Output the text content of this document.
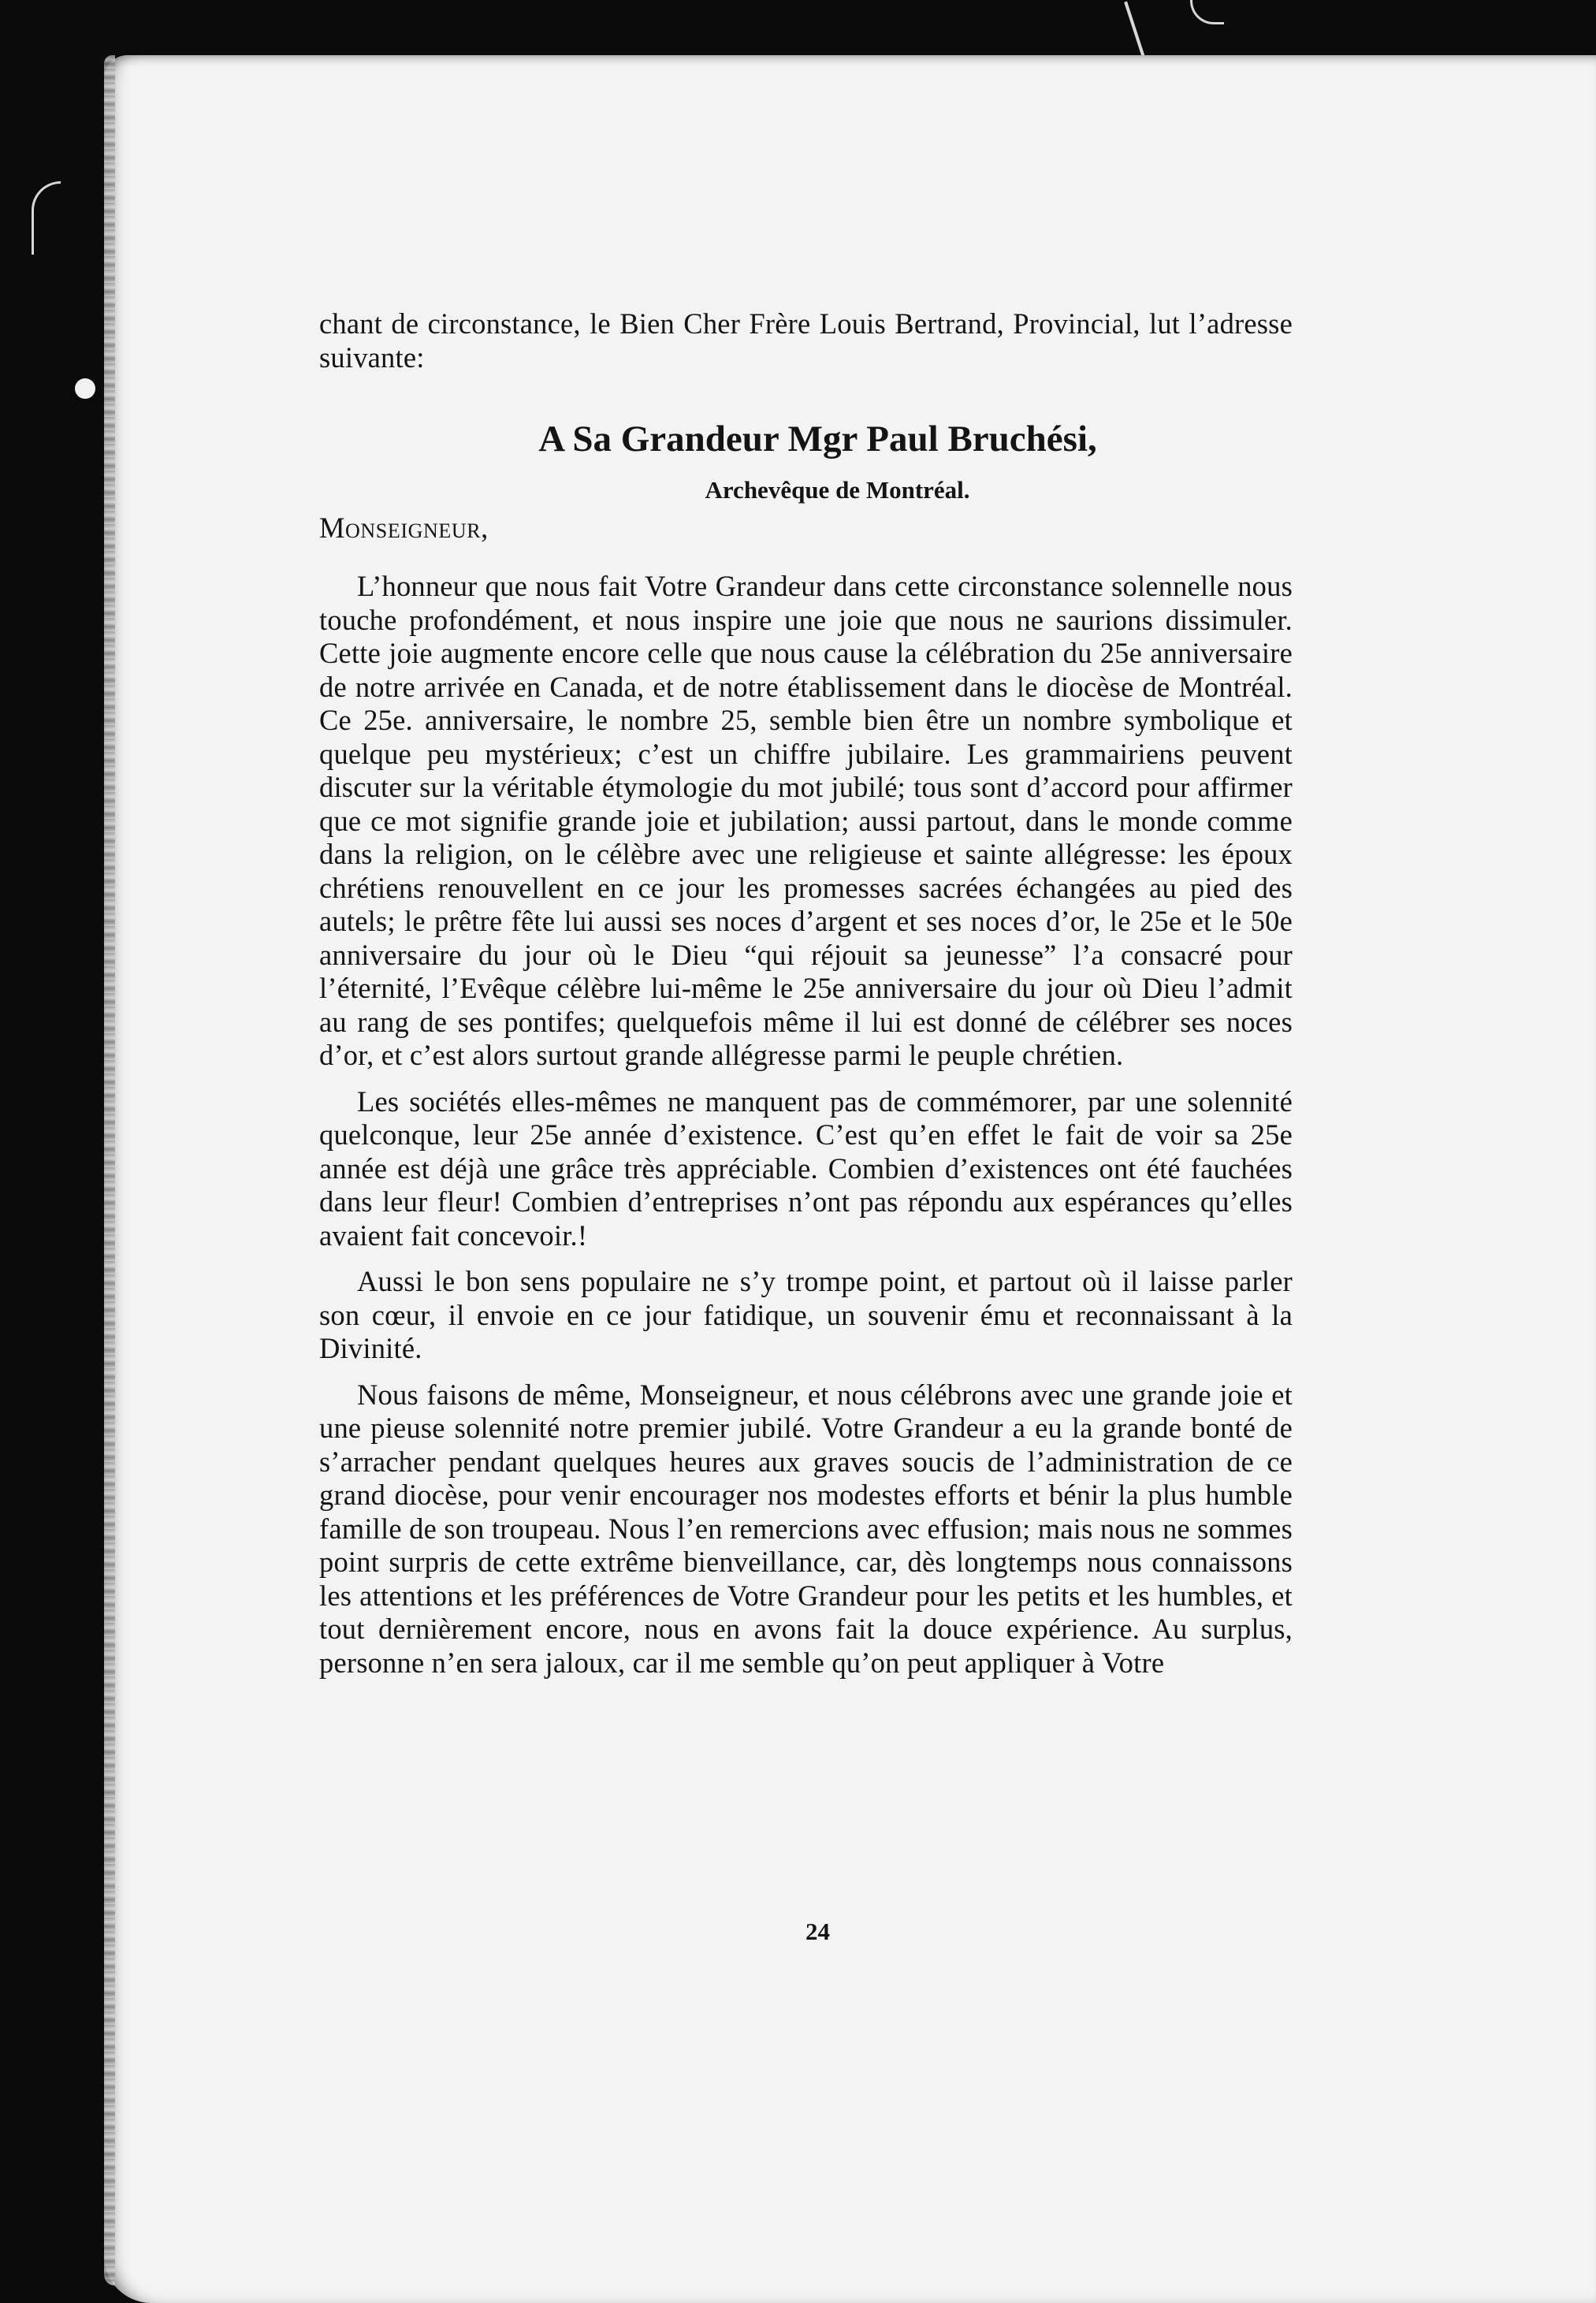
chant de circonstance, le Bien Cher Frère Louis Bertrand, Provincial, lut l’adresse suivante:

A Sa Grandeur Mgr Paul Bruchési,
Archevêque de Montréal.

Monseigneur,

L’honneur que nous fait Votre Grandeur dans cette circonstance solennelle nous touche profondément, et nous inspire une joie que nous ne saurions dissimuler. Cette joie augmente encore celle que nous cause la célébration du 25e anniversaire de notre arrivée en Canada, et de notre établissement dans le diocèse de Montréal. Ce 25e. anniversaire, le nombre 25, semble bien être un nombre symbolique et quelque peu mystérieux; c’est un chiffre jubilaire. Les grammairiens peuvent discuter sur la véritable étymologie du mot jubilé; tous sont d’accord pour affirmer que ce mot signifie grande joie et jubilation; aussi partout, dans le monde comme dans la religion, on le célèbre avec une religieuse et sainte allégresse: les époux chrétiens renouvellent en ce jour les promesses sacrées échangées au pied des autels; le prêtre fête lui aussi ses noces d’argent et ses noces d’or, le 25e et le 50e anniversaire du jour où le Dieu “qui réjouit sa jeunesse” l’a consacré pour l’éternité, l’Evêque célèbre lui-même le 25e anniversaire du jour où Dieu l’admit au rang de ses pontifes; quelquefois même il lui est donné de célébrer ses noces d’or, et c’est alors surtout grande allégresse parmi le peuple chrétien.

Les sociétés elles-mêmes ne manquent pas de commémorer, par une solennité quelconque, leur 25e année d’existence. C’est qu’en effet le fait de voir sa 25e année est déjà une grâce très appréciable. Combien d’existences ont été fauchées dans leur fleur! Combien d’entreprises n’ont pas répondu aux espérances qu’elles avaient fait concevoir.!

Aussi le bon sens populaire ne s’y trompe point, et partout où il laisse parler son cœur, il envoie en ce jour fatidique, un souvenir ému et reconnaissant à la Divinité.

Nous faisons de même, Monseigneur, et nous célébrons avec une grande joie et une pieuse solennité notre premier jubilé. Votre Grandeur a eu la grande bonté de s’arracher pendant quelques heures aux graves soucis de l’administration de ce grand diocèse, pour venir encourager nos modestes efforts et bénir la plus humble famille de son troupeau. Nous l’en remercions avec effusion; mais nous ne sommes point surpris de cette extrême bienveillance, car, dès longtemps nous connaissons les attentions et les préférences de Votre Grandeur pour les petits et les humbles, et tout dernièrement encore, nous en avons fait la douce expérience. Au surplus, personne n’en sera jaloux, car il me semble qu’on peut appliquer à Votre

24
